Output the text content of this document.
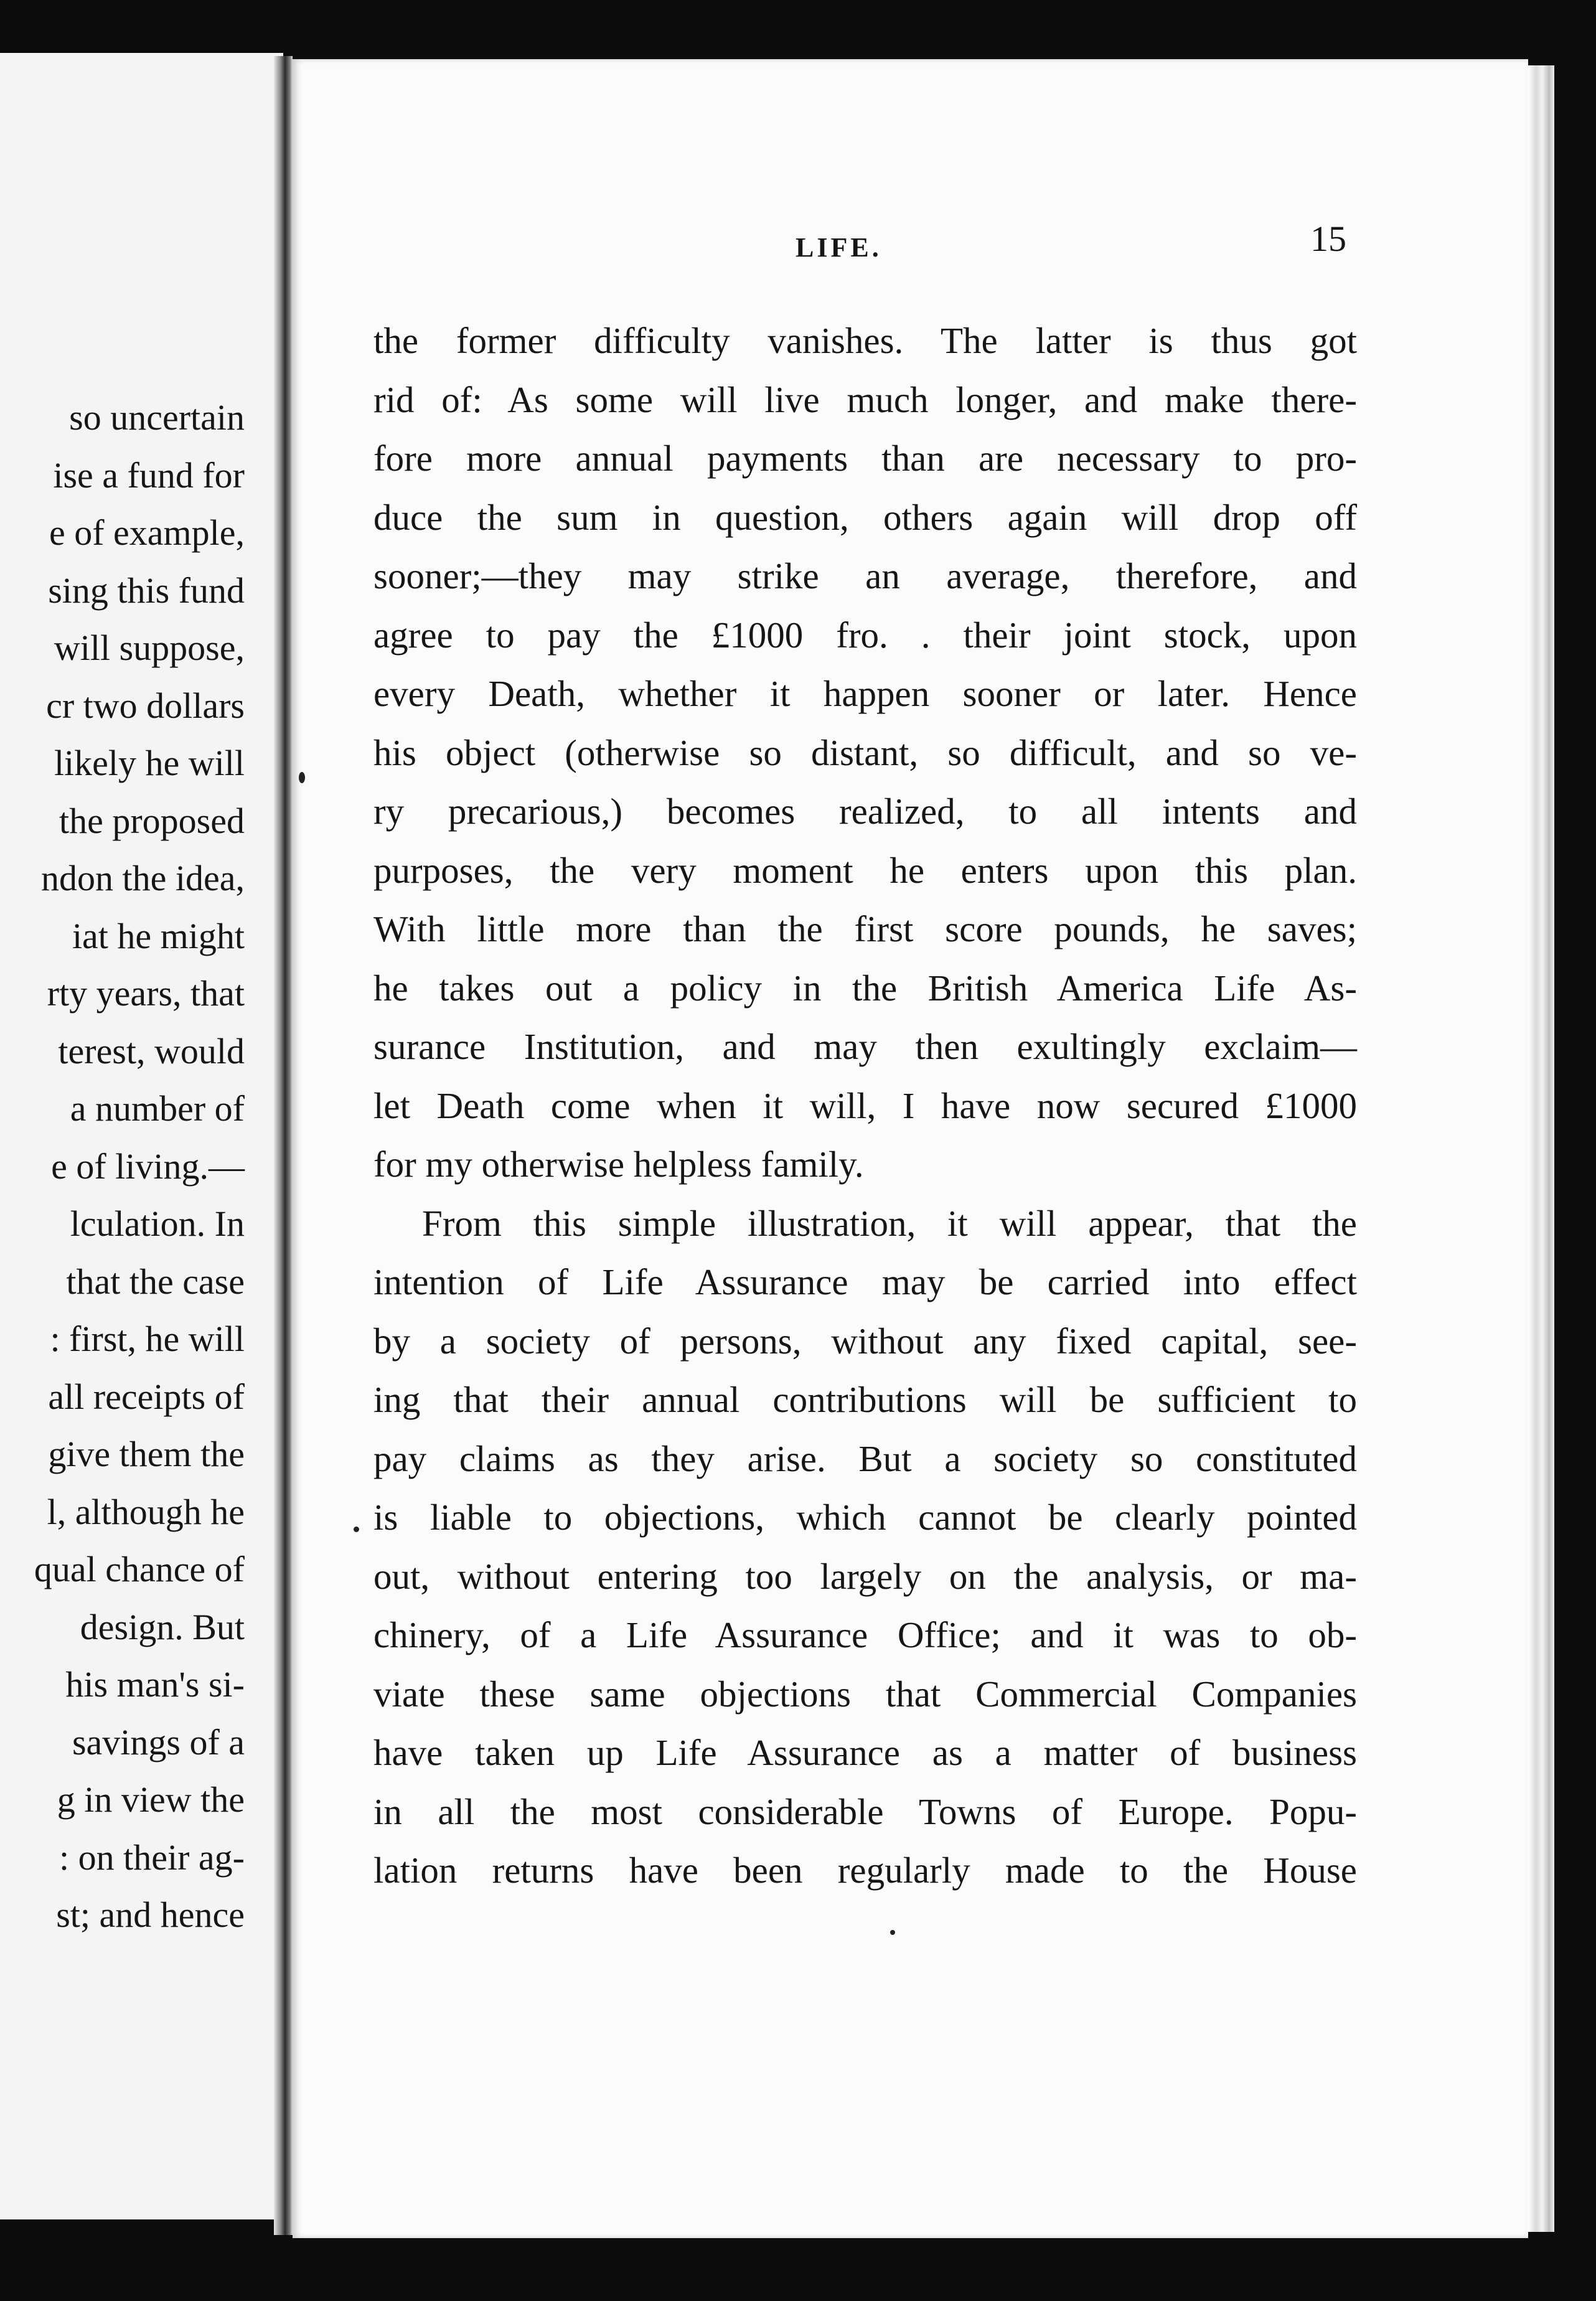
so uncertain
ise a fund for
e of example,
sing this fund
will suppose,
cr two dollars
likely he will
the proposed
ndon the idea,
iat he might
rty years, that
terest, would
a number of
e of living.—
lculation. In
that the case
: first, he will
all receipts of
give them the
l, although he
qual chance of
design. But
his man's si-
savings of a
g in view the
: on their ag-
st; and hence
LIFE.	15
the former difficulty vanishes. The latter is thus got
rid of: As some will live much longer, and make there-
fore more annual payments than are necessary to pro-
duce the sum in question, others again will drop off
sooner;—they may strike an average, therefore, and
agree to pay the £1000 fro. . their joint stock, upon
every Death, whether it happen sooner or later. Hence
his object (otherwise so distant, so difficult, and so ve-
ry precarious,) becomes realized, to all intents and
purposes, the very moment he enters upon this plan.
With little more than the first score pounds, he saves;
he takes out a policy in the British America Life As-
surance Institution, and may then exultingly exclaim—
let Death come when it will, I have now secured £1000
for my otherwise helpless family.
From this simple illustration, it will appear, that the
intention of Life Assurance may be carried into effect
by a society of persons, without any fixed capital, see-
ing that their annual contributions will be sufficient to
pay claims as they arise. But a society so constituted
is liable to objections, which cannot be clearly pointed
out, without entering too largely on the analysis, or ma-
chinery, of a Life Assurance Office; and it was to ob-
viate these same objections that Commercial Companies
have taken up Life Assurance as a matter of business
in all the most considerable Towns of Europe. Popu-
lation returns have been regularly made to the House
